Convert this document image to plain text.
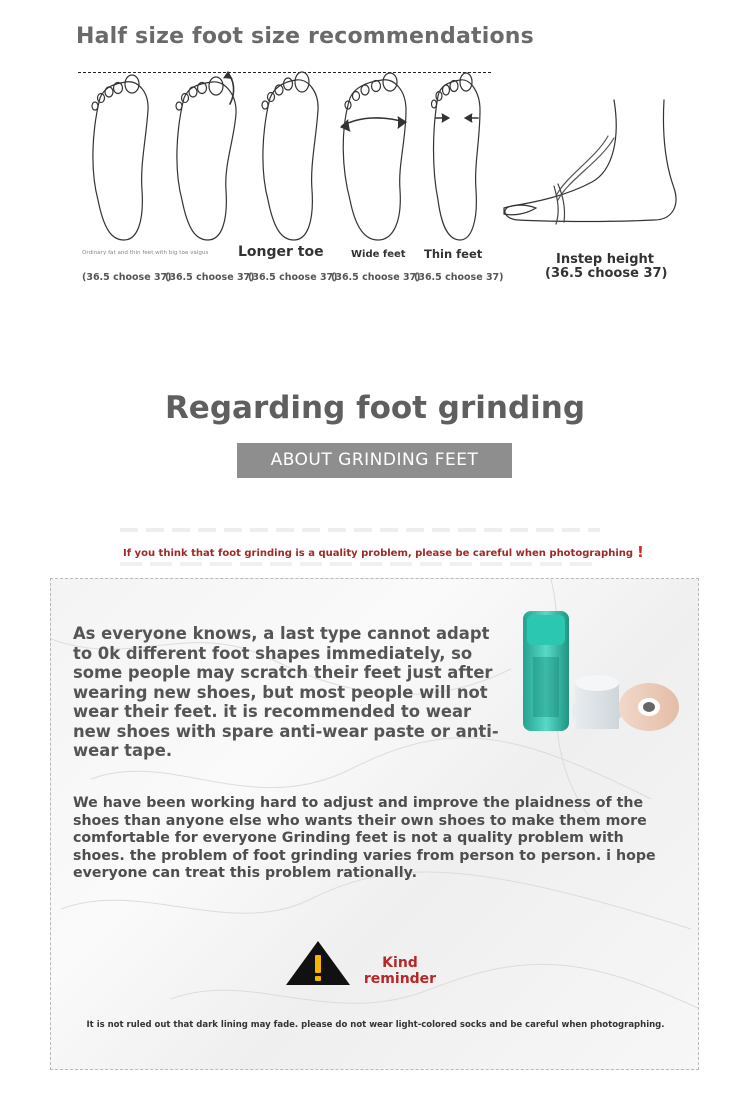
Half size foot size recommendations
Ordinary fat and thin feet with big toe valgus Longer toe	Wide feet Thin feet	Instep height
(36.5 choose 37)
(36.5 choose 37)
(36.5 choose 37)
(36.5 choose 37)
(36.5 choose 37)
(36.5 choose 37)
Regarding foot grinding
ABOUT GRINDING FEET
If you think that foot grinding is a quality problem, please be careful when photographing !
As everyone knows, a last type cannot adapt to 0k different foot shapes immediately, so some people may scratch their feet just after wearing new shoes, but most people will not wear their feet. it is recommended to wear new shoes with spare anti-wear paste or anti-wear tape.
We have been working hard to adjust and improve the plaidness of the shoes than anyone else who wants their own shoes to make them more comfortable for everyone Grinding feet is not a quality problem with shoes. the problem of foot grinding varies from person to person. i hope everyone can treat this problem rationally.
Kind reminder
It is not ruled out that dark lining may fade. please do not wear light-colored socks and be careful when photographing.
